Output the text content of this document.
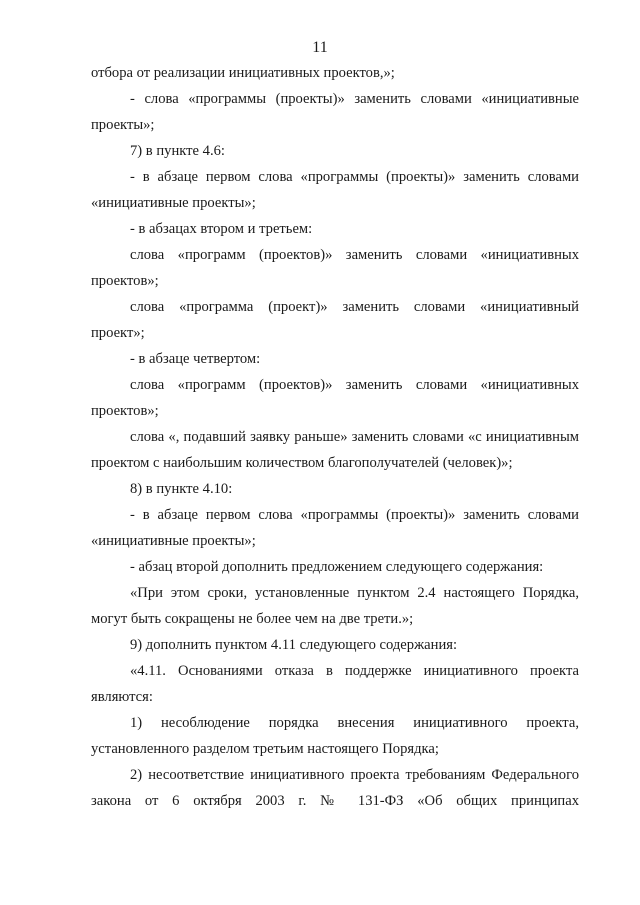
11

отбора от реализации инициативных проектов,»;

- слова «программы (проекты)» заменить словами «инициативные проекты»;

7) в пункте 4.6:

- в абзаце первом слова «программы (проекты)» заменить словами «инициативные проекты»;

- в абзацах втором и третьем:

слова «программ (проектов)» заменить словами «инициативных проектов»;

слова «программа (проект)» заменить словами «инициативный проект»;

- в абзаце четвертом:

слова «программ (проектов)» заменить словами «инициативных проектов»;

слова «, подавший заявку раньше» заменить словами «с инициативным проектом с наибольшим количеством благополучателей (человек)»;

8) в пункте 4.10:

- в абзаце первом слова «программы (проекты)» заменить словами «инициативные проекты»;

- абзац второй дополнить предложением следующего содержания:

«При этом сроки, установленные пунктом 2.4 настоящего Порядка, могут быть сокращены не более чем на две трети.»;

9) дополнить пунктом 4.11 следующего содержания:

«4.11. Основаниями отказа в поддержке инициативного проекта являются:

1) несоблюдение порядка внесения инициативного проекта, установленного разделом третьим настоящего Порядка;

2) несоответствие инициативного проекта требованиям Федерального закона от 6 октября 2003 г. № 131-ФЗ «Об общих принципах
